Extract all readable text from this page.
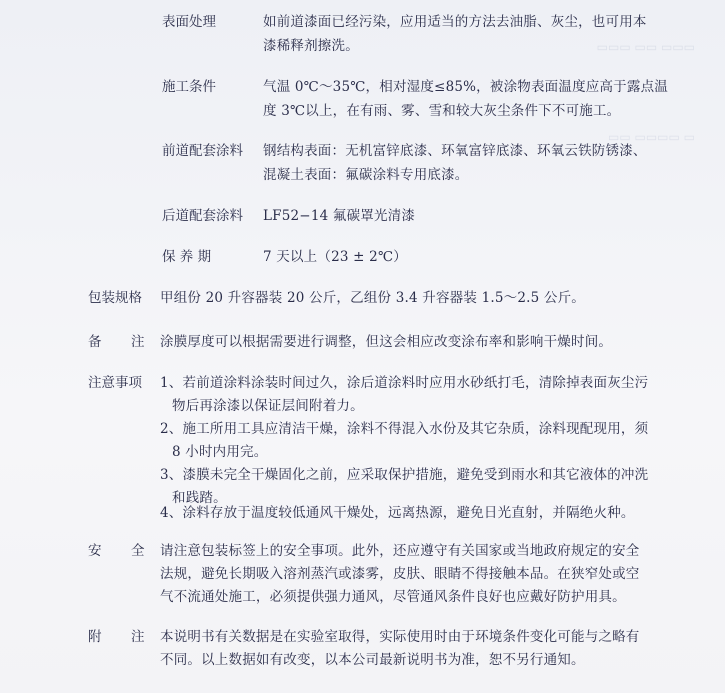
▭▭▭ ▭▭ ▭▭▭
▭▭ ▭▭▭▭ ▭
表面处理	如前道漆面已经污染，应用适当的方法去油脂、灰尘，也可用本
漆稀释剂擦洗。
施工条件	气温 0℃～35℃，相对湿度≤85%，被涂物表面温度应高于露点温
度 3℃以上，在有雨、雾、雪和较大灰尘条件下不可施工。
前道配套涂料 钢结构表面：无机富锌底漆、环氧富锌底漆、环氧云铁防锈漆、
混凝土表面：氟碳涂料专用底漆。
后道配套涂料 LF52−14 氟碳罩光清漆
保 养 期	7 天以上（23 ± 2℃）
包装规格 甲组份 20 升容器装 20 公斤，乙组份 3.4 升容器装 1.5～2.5 公斤。
备 注 涂膜厚度可以根据需要进行调整，但这会相应改变涂布率和影响干燥时间。
注意事项 1、若前道涂料涂装时间过久，涂后道涂料时应用水砂纸打毛，清除掉表面灰尘污
物后再涂漆以保证层间附着力。
2、施工所用工具应清洁干燥，涂料不得混入水份及其它杂质，涂料现配现用，须
8 小时内用完。
3、漆膜未完全干燥固化之前，应采取保护措施，避免受到雨水和其它液体的冲洗
和践踏。
4、涂料存放于温度较低通风干燥处，远离热源，避免日光直射，并隔绝火种。
安 全 请注意包装标签上的安全事项。此外，还应遵守有关国家或当地政府规定的安全
法规，避免长期吸入溶剂蒸汽或漆雾，皮肤、眼睛不得接触本品。在狭窄处或空
气不流通处施工，必须提供强力通风，尽管通风条件良好也应戴好防护用具。
附 注 本说明书有关数据是在实验室取得，实际使用时由于环境条件变化可能与之略有
不同。以上数据如有改变，以本公司最新说明书为准，恕不另行通知。
